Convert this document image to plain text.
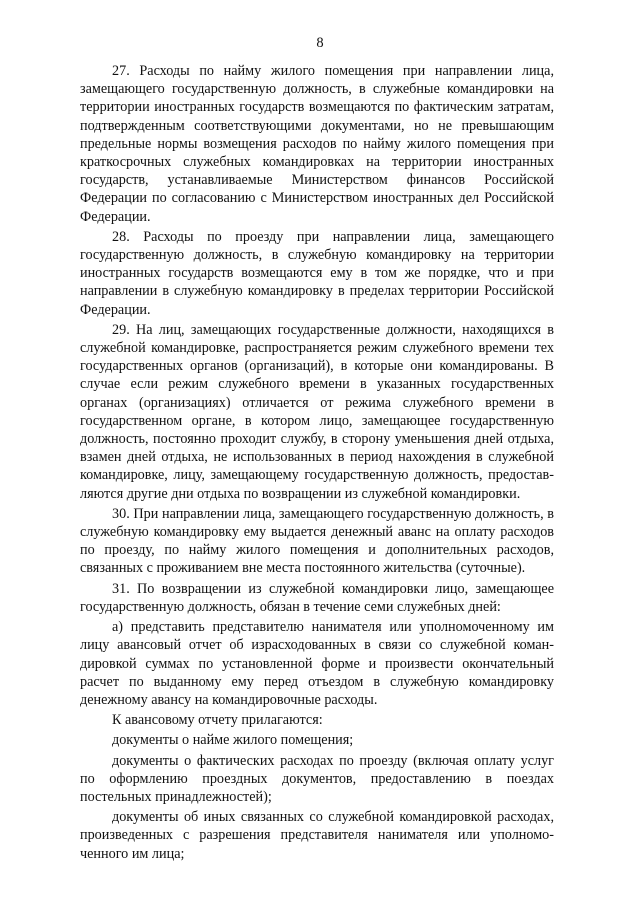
8

27. Расходы по найму жилого помещения при направлении лица, замещающего государственную должность, в служебные командировки на территории иностранных государств возмещаются по фактическим затратам, подтвержденным соответствующими документами, но не превышающим предельные нормы возмещения расходов по найму жилого помещения при краткосрочных служебных командировках на территории иностранных государств, устанавливаемые Министерством финансов Российской Федерации по согласованию с Министерством иностранных дел Российской Федерации.

28. Расходы по проезду при направлении лица, замещающего государственную должность, в служебную командировку на территории иностранных государств возмещаются ему в том же порядке, что и при направлении в служебную командировку в пределах территории Российской Федерации.

29. На лиц, замещающих государственные должности, находящихся в служебной командировке, распространяется режим служебного времени тех государственных органов (организаций), в которые они командированы. В случае если режим служебного времени в указанных государственных органах (организациях) отличается от режима служебного времени в государственном органе, в котором лицо, замещающее государственную должность, постоянно проходит службу, в сторону уменьшения дней отдыха, взамен дней отдыха, не использованных в период нахождения в служебной командировке, лицу, замещающему государственную должность, предоставляются другие дни отдыха по возвращении из служебной командировки.

30. При направлении лица, замещающего государственную должность, в служебную командировку ему выдается денежный аванс на оплату расходов по проезду, по найму жилого помещения и дополнительных расходов, связанных с проживанием вне места постоянного жительства (суточные).

31. По возвращении из служебной командировки лицо, замещающее государственную должность, обязан в течение семи служебных дней:

а) представить представителю нанимателя или уполномоченному им лицу авансовый отчет об израсходованных в связи со служебной командировкой суммах по установленной форме и произвести окончательный расчет по выданному ему перед отъездом в служебную командировку денежному авансу на командировочные расходы.

К авансовому отчету прилагаются:

документы о найме жилого помещения;

документы о фактических расходах по проезду (включая оплату услуг по оформлению проездных документов, предоставлению в поездах постельных принадлежностей);

документы об иных связанных со служебной командировкой расходах, произведенных с разрешения представителя нанимателя или уполномоченного им лица;
